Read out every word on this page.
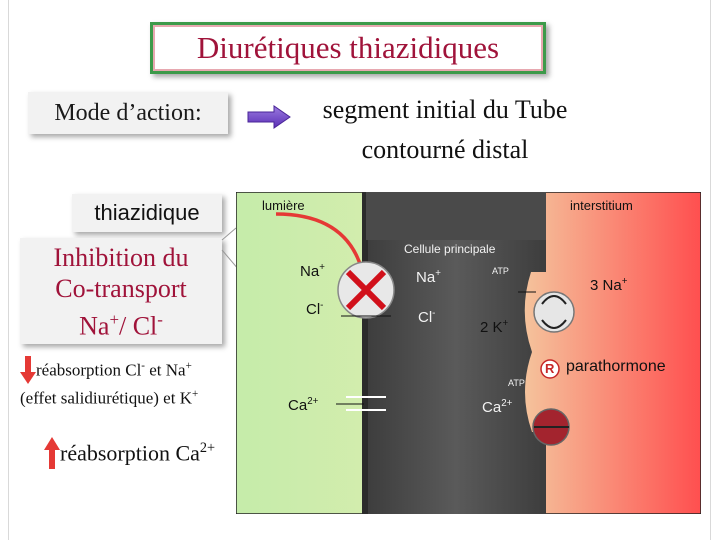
Diurétiques thiazidiques
Mode d’action:	segment initial du Tube
contourné distal
thiazidique
Inhibition du
Co-transport
Na+/ Cl-
réabsorption Cl- et Na+
(effet salidiurétique) et K+
réabsorption $Ca^{2+}$
lumière	interstitium
Cellule principale
Na+
Cl-
$Ca^{2+}$
Na+
Cl-
ATP
ATP
2 K+
3 Na+
R parathormone
$Ca^{2+}$
